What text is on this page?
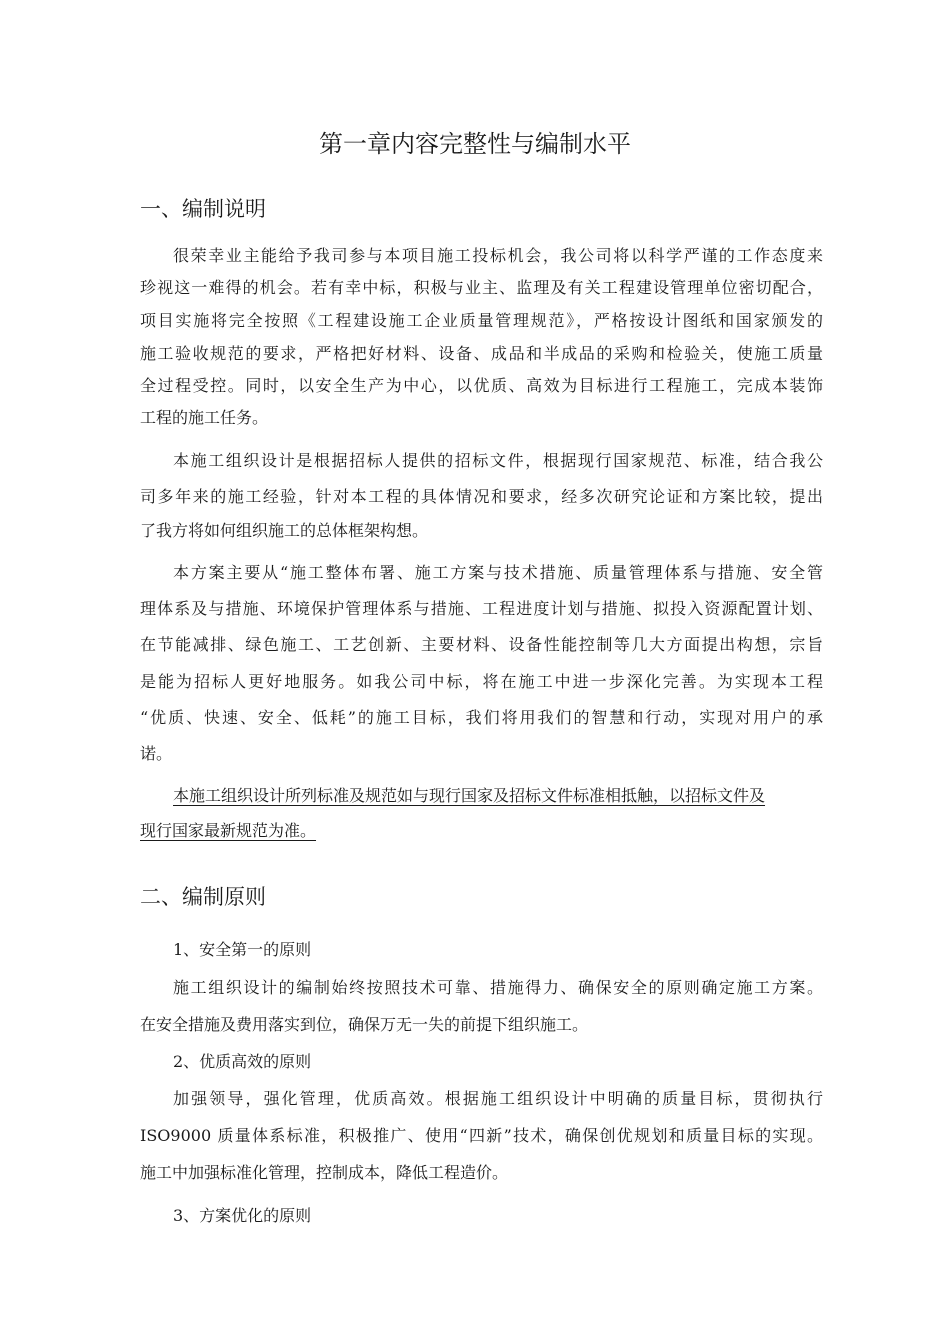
第一章内容完整性与编制水平
一、编制说明
很荣幸业主能给予我司参与本项目施工投标机会，我公司将以科学严谨的工作态度来
珍视这一难得的机会。若有幸中标，积极与业主、监理及有关工程建设管理单位密切配合，
项目实施将完全按照《工程建设施工企业质量管理规范》，严格按设计图纸和国家颁发的
施工验收规范的要求，严格把好材料、设备、成品和半成品的采购和检验关，使施工质量
全过程受控。同时，以安全生产为中心，以优质、高效为目标进行工程施工，完成本装饰
工程的施工任务。
本施工组织设计是根据招标人提供的招标文件，根据现行国家规范、标准，结合我公
司多年来的施工经验，针对本工程的具体情况和要求，经多次研究论证和方案比较，提出
了我方将如何组织施工的总体框架构想。
本方案主要从“施工整体布署、施工方案与技术措施、质量管理体系与措施、安全管
理体系及与措施、环境保护管理体系与措施、工程进度计划与措施、拟投入资源配置计划、
在节能减排、绿色施工、工艺创新、主要材料、设备性能控制等几大方面提出构想，宗旨
是能为招标人更好地服务。如我公司中标，将在施工中进一步深化完善。为实现本工程
“优质、快速、安全、低耗”的施工目标，我们将用我们的智慧和行动，实现对用户的承
诺。
本施工组织设计所列标准及规范如与现行国家及招标文件标准相抵触，以招标文件及
现行国家最新规范为准。
二、编制原则
1、安全第一的原则
施工组织设计的编制始终按照技术可靠、措施得力、确保安全的原则确定施工方案。
在安全措施及费用落实到位，确保万无一失的前提下组织施工。
2、优质高效的原则
加强领导，强化管理，优质高效。根据施工组织设计中明确的质量目标，贯彻执行
ISO9000 质量体系标准，积极推广、使用“四新”技术，确保创优规划和质量目标的实现。
施工中加强标准化管理，控制成本，降低工程造价。
3、方案优化的原则
